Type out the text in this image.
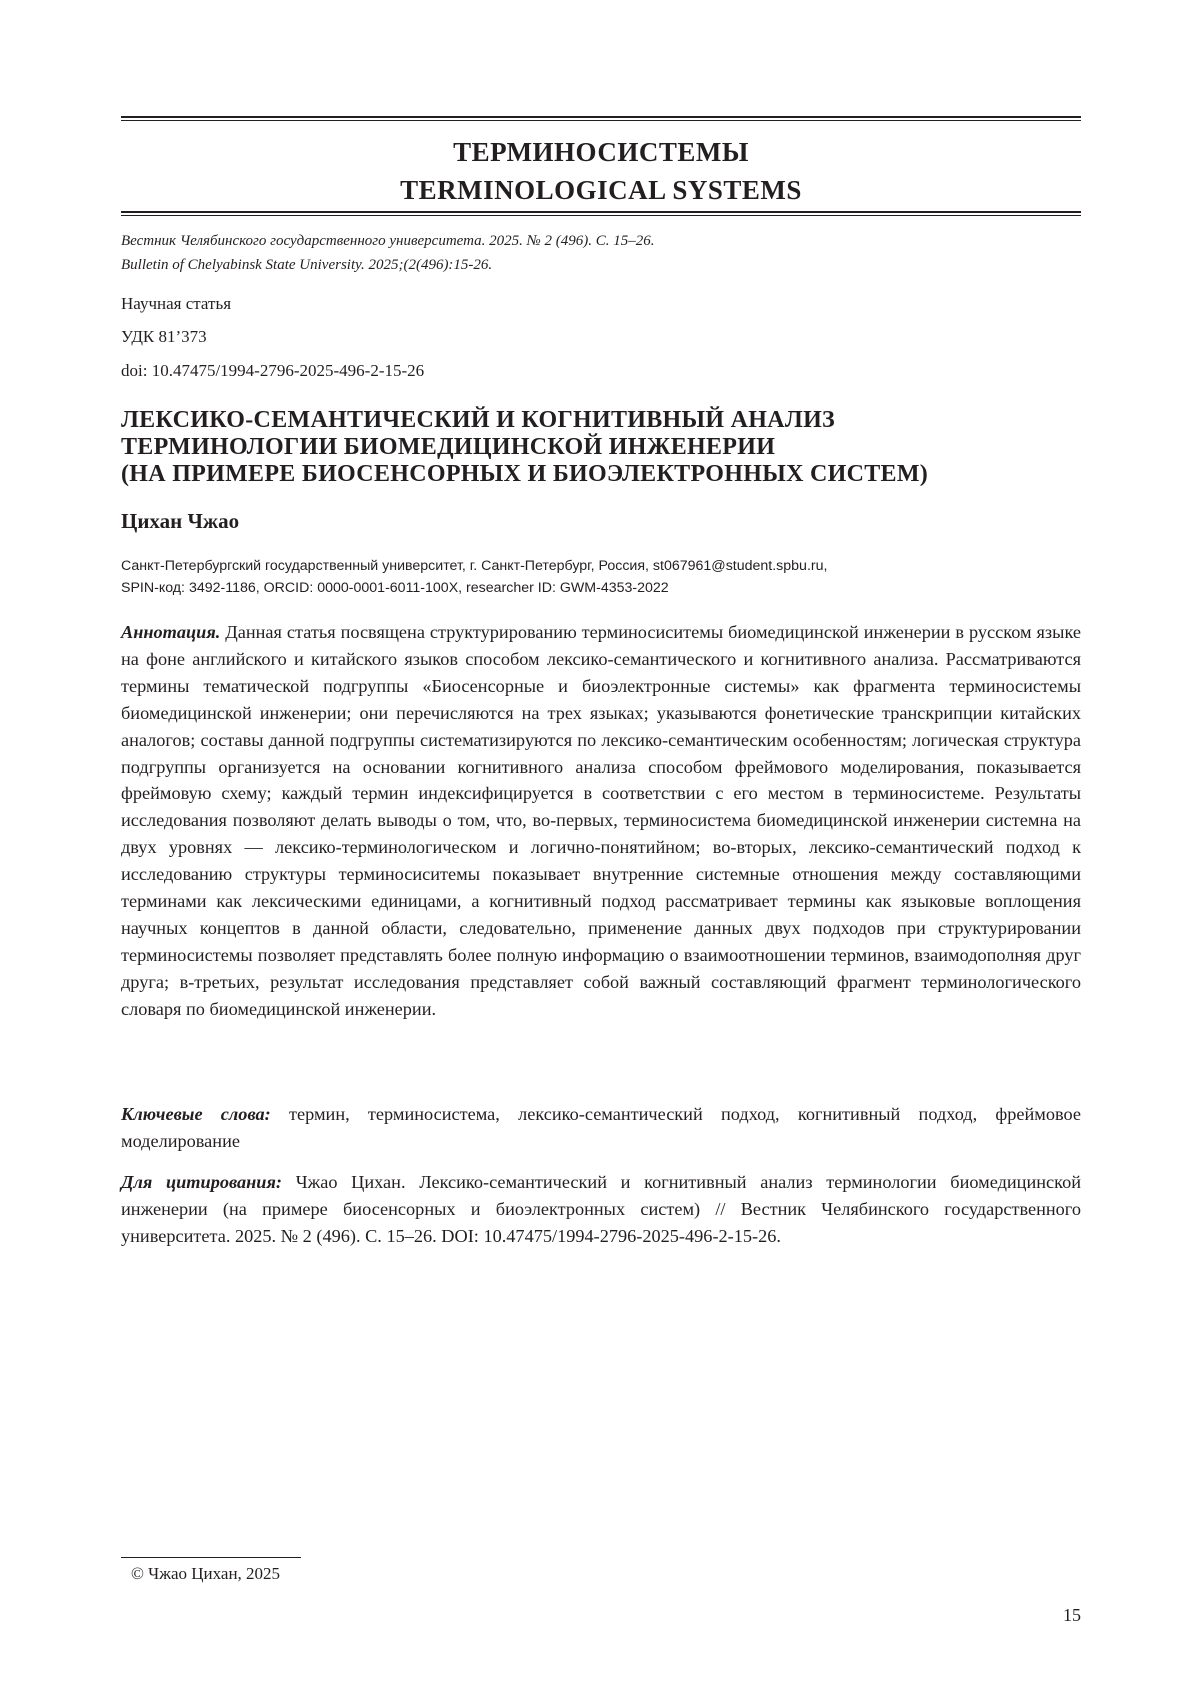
ТЕРМИНОСИСТЕМЫ
TERMINOLOGICAL SYSTEMS
Вестник Челябинского государственного университета. 2025. № 2 (496). С. 15–26.
Bulletin of Chelyabinsk State University. 2025;(2(496):15-26.
Научная статья
УДК 81’373
doi: 10.47475/1994-2796-2025-496-2-15-26
ЛЕКСИКО-СЕМАНТИЧЕСКИЙ И КОГНИТИВНЫЙ АНАЛИЗ
ТЕРМИНОЛОГИИ БИОМЕДИЦИНСКОЙ ИНЖЕНЕРИИ
(НА ПРИМЕРЕ БИОСЕНСОРНЫХ И БИОЭЛЕКТРОННЫХ СИСТЕМ)
Цихан Чжао
Санкт-Петербургский государственный университет, г. Санкт-Петербург, Россия, st067961@student.spbu.ru,
SPIN-код: 3492-1186, ORCID: 0000-0001-6011-100X, researcher ID: GWM-4353-2022
Аннотация. Данная статья посвящена структурированию терминосиситемы биомедицинской инженерии в русском языке на фоне английского и китайского языков способом лексико-семантического и когнитивного анализа. Рассматриваются термины тематической подгруппы «Биосенсорные и биоэлектронные системы» как фрагмента терминосистемы биомедицинской инженерии; они перечисляются на трех языках; указываются фонетические транскрипции китайских аналогов; составы данной подгруппы систематизируются по лексико-семантическим особенностям; логическая структура подгруппы организуется на основании когнитивного анализа способом фреймового моделирования, показывается фреймовую схему; каждый термин индексифицируется в соответствии с его местом в терминосистеме. Результаты исследования позволяют делать выводы о том, что, во-первых, терминосистема биомедицинской инженерии системна на двух уровнях — лексико-терминологическом и логично-понятийном; во-вторых, лексико-семантический подход к исследованию структуры терминосиситемы показывает внутренние системные отношения между составляющими терминами как лексическими единицами, а когнитивный подход рассматривает термины как языковые воплощения научных концептов в данной области, следовательно, применение данных двух подходов при структурировании терминосистемы позволяет представлять более полную информацию о взаимоотношении терминов, взаимодополняя друг друга; в-третьих, результат исследования представляет собой важный составляющий фрагмент терминологического словаря по биомедицинской инженерии.
Ключевые слова: термин, терминосистема, лексико-семантический подход, когнитивный подход, фреймовое моделирование
Для цитирования: Чжао Цихан. Лексико-семантический и когнитивный анализ терминологии биомедицинской инженерии (на примере биосенсорных и биоэлектронных систем) // Вестник Челябинского государственного университета. 2025. № 2 (496). С. 15–26. DOI: 10.47475/1994-2796-2025-496-2-15-26.
© Чжао Цихан, 2025
15
